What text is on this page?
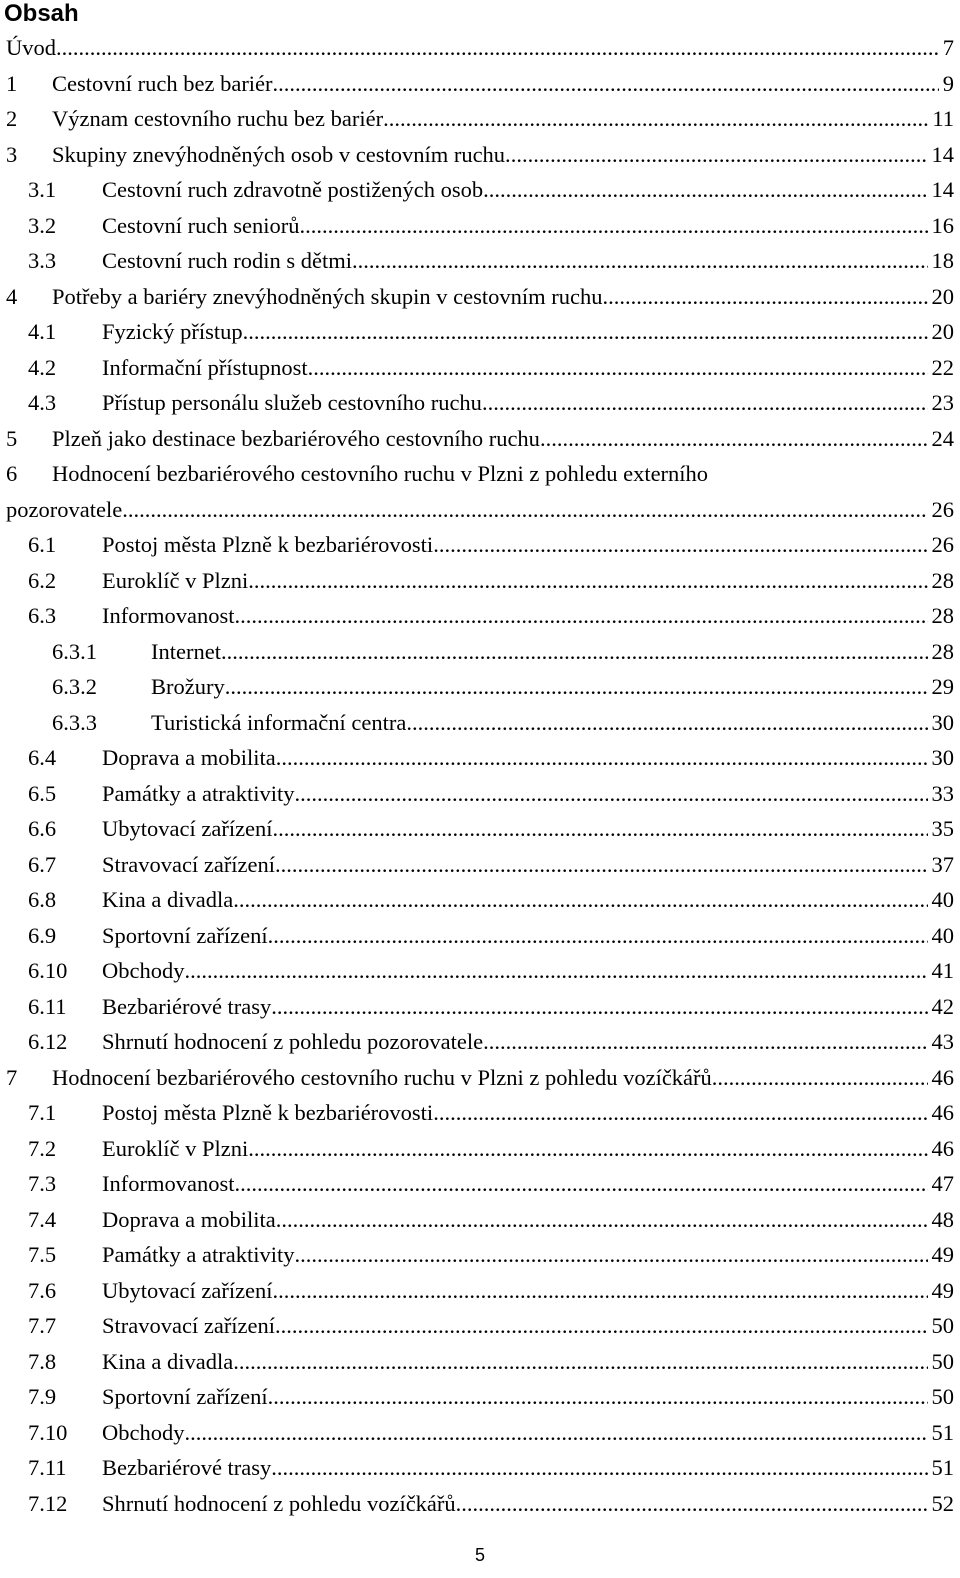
Obsah
Úvod .....	7
1 Cestovní ruch bez bariér .....	9
2 Význam cestovního ruchu bez bariér .....	11
3 Skupiny znevýhodněných osob v cestovním ruchu. .....	14
3.1 Cestovní ruch zdravotně postižených osob .....	14
3.2 Cestovní ruch seniorů .....	16
3.3 Cestovní ruch rodin s dětmi .....	18
4 Potřeby a bariéry znevýhodněných skupin v cestovním ruchu .....	20
4.1 Fyzický přístup .....	20
4.2 Informační přístupnost .....	22
4.3 Přístup personálu služeb cestovního ruchu .....	23
5 Plzeň jako destinace bezbariérového cestovního ruchu .....	24
6 Hodnocení bezbariérového cestovního ruchu v Plzni z pohledu externího
pozorovatele .....	26
6.1 Postoj města Plzně k bezbariérovosti .....	26
6.2 Euroklíč v Plzni .....	28
6.3 Informovanost .....	28
6.3.1 Internet .....	28
6.3.2 Brožury .....	29
6.3.3 Turistická informační centra .....	30
6.4 Doprava a mobilita .....	30
6.5 Památky a atraktivity .....	33
6.6 Ubytovací zařízení .....	35
6.7 Stravovací zařízení .....	37
6.8 Kina a divadla .....	40
6.9 Sportovní zařízení .....	40
6.10 Obchody .....	41
6.11 Bezbariérové trasy .....	42
6.12 Shrnutí hodnocení z pohledu pozorovatele .....	43
7 Hodnocení bezbariérového cestovního ruchu v Plzni z pohledu vozíčkářů .....	46
7.1 Postoj města Plzně k bezbariérovosti .....	46
7.2 Euroklíč v Plzni .....	46
7.3 Informovanost .....	47
7.4 Doprava a mobilita .....	48
7.5 Památky a atraktivity .....	49
7.6 Ubytovací zařízení .....	49
7.7 Stravovací zařízení .....	50
7.8 Kina a divadla .....	50
7.9 Sportovní zařízení .....	50
7.10 Obchody .....	51
7.11 Bezbariérové trasy .....	51
7.12 Shrnutí hodnocení z pohledu vozíčkářů .....	52
5
